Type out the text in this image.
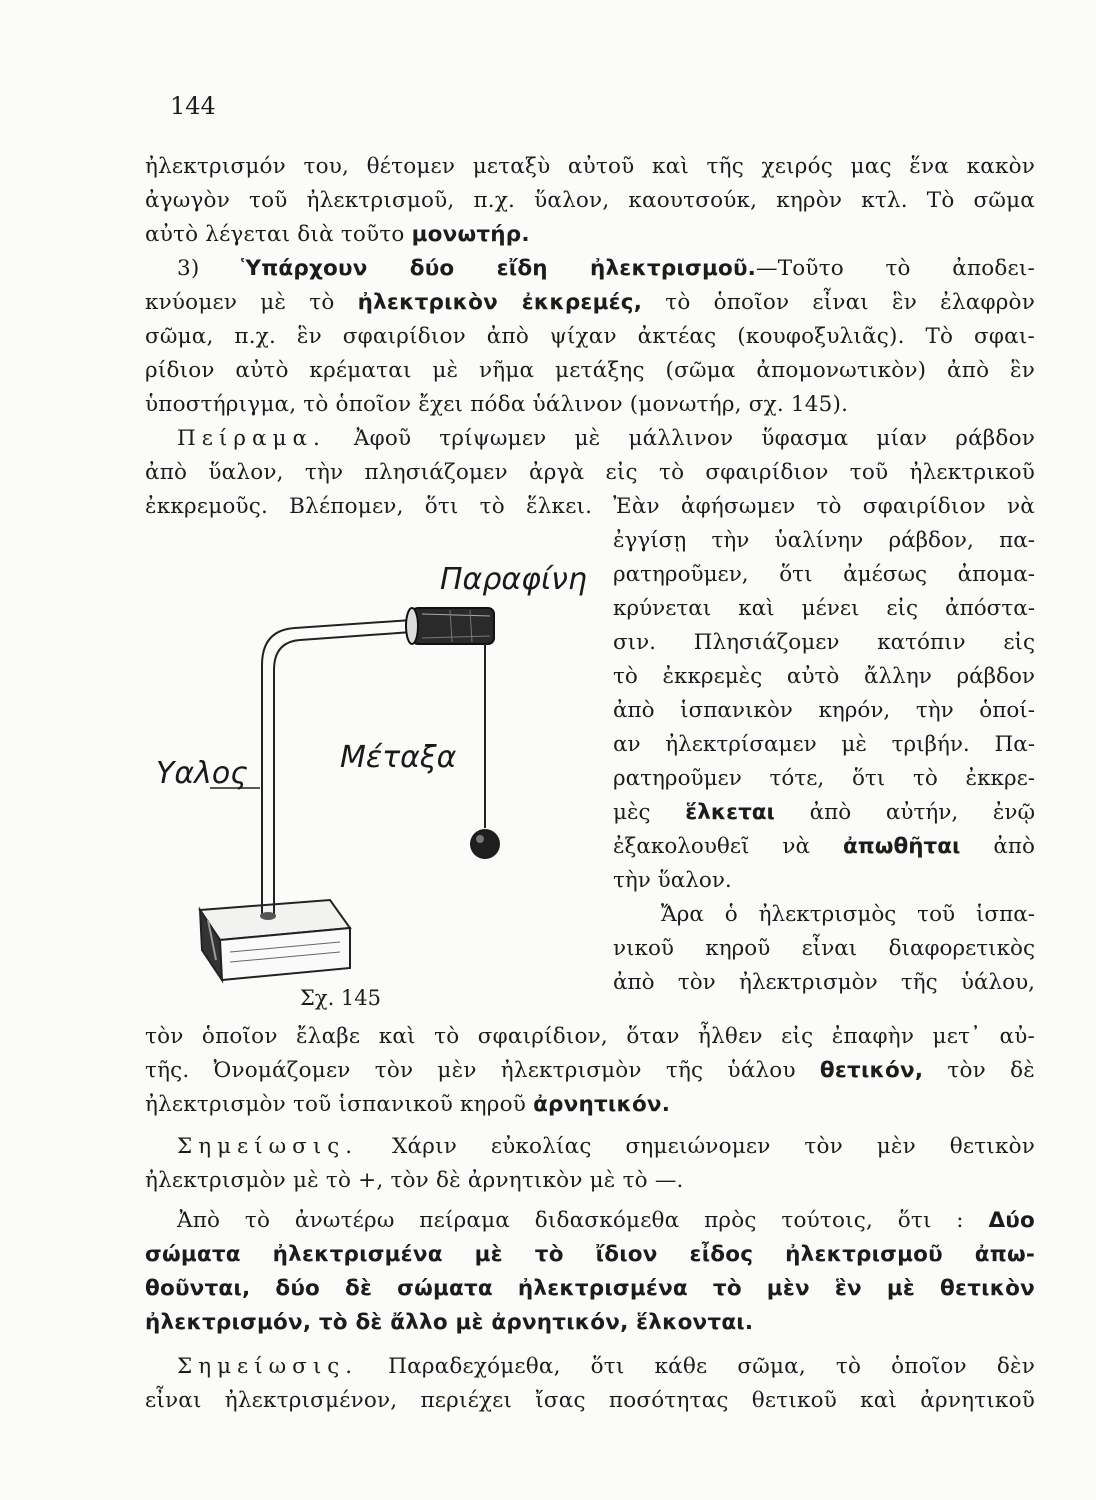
144
ἠλεκτρισμόν του, θέτομεν μεταξὺ αὐτοῦ καὶ τῆς χειρός μας ἕνα κακὸν
ἀγωγὸν τοῦ ἠλεκτρισμοῦ, π.χ. ὕαλον, καουτσούκ, κηρὸν κτλ. Τὸ σῶμα
αὐτὸ λέγεται διὰ τοῦτο μονωτήρ.
3) Ὑπάρχουν δύο εἴδη ἠλεκτρισμοῦ.—Τοῦτο τὸ ἀποδει-
κνύομεν μὲ τὸ ἠλεκτρικὸν ἐκκρεμές, τὸ ὁποῖον εἶναι ἓν ἐλαφρὸν
σῶμα, π.χ. ἓν σφαιρίδιον ἀπὸ ψίχαν ἀκτέας (κουφοξυλιᾶς). Τὸ σφαι-
ρίδιον αὐτὸ κρέμαται μὲ νῆμα μετάξης (σῶμα ἀπομονωτικὸν) ἀπὸ ἓν
ὑποστήριγμα, τὸ ὁποῖον ἔχει πόδα ὑάλινον (μονωτήρ, σχ. 145).
Πείραμα. Ἀφοῦ τρίψωμεν μὲ μάλλινον ὕφασμα μίαν ράβδον
ἀπὸ ὕαλον, τὴν πλησιάζομεν ἀργὰ εἰς τὸ σφαιρίδιον τοῦ ἠλεκτρικοῦ
ἐκκρεμοῦς. Βλέπομεν, ὅτι τὸ ἕλκει. Ἐὰν ἀφήσωμεν τὸ σφαιρίδιον νὰ
ἐγγίσῃ τὴν ὑαλίνην ράβδον, πα-
ρατηροῦμεν, ὅτι ἀμέσως ἀπομα-
κρύνεται καὶ μένει εἰς ἀπόστα-
σιν. Πλησιάζομεν κατόπιν εἰς
τὸ ἐκκρεμὲς αὐτὸ ἄλλην ράβδον
ἀπὸ ἱσπανικὸν κηρόν, τὴν ὁποί-
αν ἠλεκτρίσαμεν μὲ τριβήν. Πα-
ρατηροῦμεν τότε, ὅτι τὸ ἐκκρε-
μὲς ἕλκεται ἀπὸ αὐτήν, ἐνῷ
ἐξακολουθεῖ νὰ ἀπωθῆται ἀπὸ
τὴν ὕαλον.
Ἄρα ὁ ἠλεκτρισμὸς τοῦ ἱσπα-
νικοῦ κηροῦ εἶναι διαφορετικὸς
ἀπὸ τὸν ἠλεκτρισμὸν τῆς ὑάλου,
Παραφίνη
Υαλος	Μέταξα
Σχ. 145
τὸν ὁποῖον ἔλαβε καὶ τὸ σφαιρίδιον, ὅταν ἦλθεν εἰς ἐπαφὴν μετ᾽ αὐ-
τῆς. Ὀνομάζομεν τὸν μὲν ἠλεκτρισμὸν τῆς ὑάλου θετικόν, τὸν δὲ
ἠλεκτρισμὸν τοῦ ἱσπανικοῦ κηροῦ ἀρνητικόν.
Σημείωσις. Χάριν εὐκολίας σημειώνομεν τὸν μὲν θετικὸν
ἠλεκτρισμὸν μὲ τὸ +, τὸν δὲ ἀρνητικὸν μὲ τὸ —.
Ἀπὸ τὸ ἀνωτέρω πείραμα διδασκόμεθα πρὸς τούτοις, ὅτι : Δύο
σώματα ἠλεκτρισμένα μὲ τὸ ἴδιον εἶδος ἠλεκτρισμοῦ ἀπω-
θοῦνται, δύο δὲ σώματα ἠλεκτρισμένα τὸ μὲν ἓν μὲ θετικὸν
ἠλεκτρισμόν, τὸ δὲ ἄλλο μὲ ἀρνητικόν, ἕλκονται.
Σημείωσις. Παραδεχόμεθα, ὅτι κάθε σῶμα, τὸ ὁποῖον δὲν
εἶναι ἠλεκτρισμένον, περιέχει ἴσας ποσότητας θετικοῦ καὶ ἀρνητικοῦ
